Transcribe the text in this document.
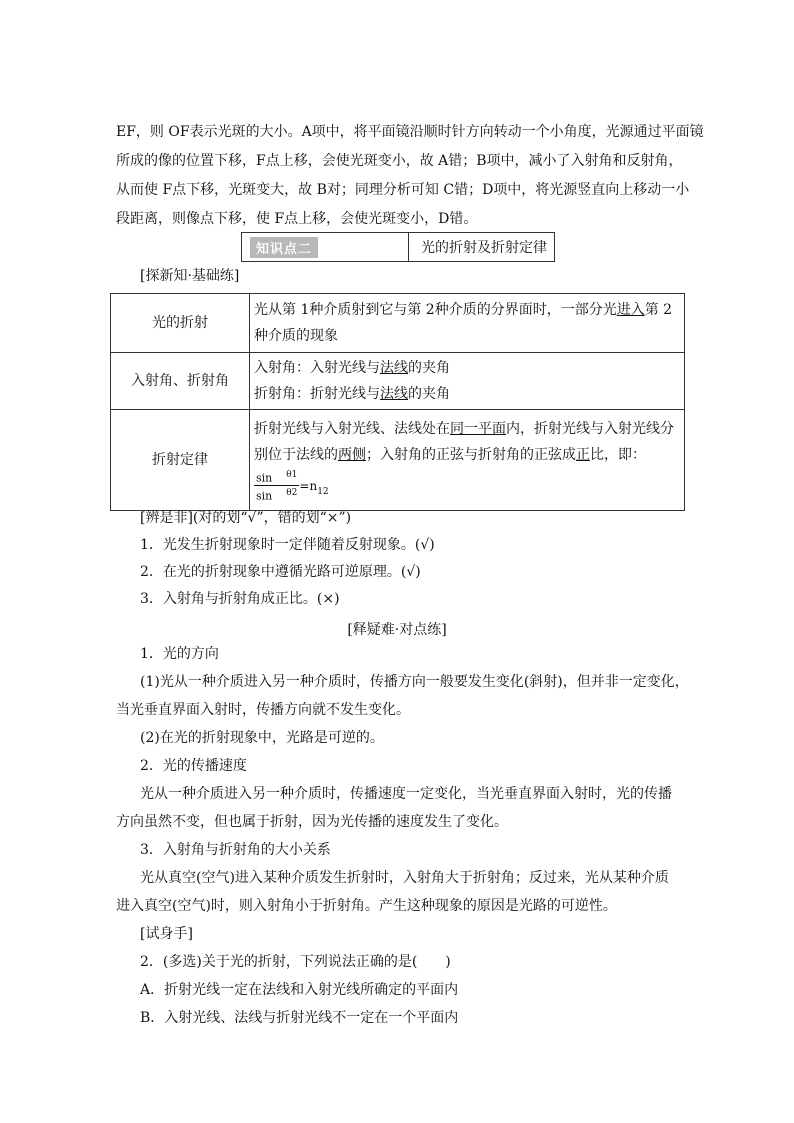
EF，则 OF表示光斑的大小。A项中，将平面镜沿顺时针方向转动一个小角度，光源通过平面镜
所成的像的位置下移，F点上移，会使光斑变小，故 A错；B项中，减小了入射角和反射角，
从而使 F点下移，光斑变大，故 B对；同理分析可知 C错；D项中，将光源竖直向上移动一小
段距离，则像点下移，使 F点上移，会使光斑变小，D错。
知识点二	光的折射及折射定律
[探新知·基础练]
光的折射	光从第 1种介质射到它与第 2种介质的分界面时，一部分光进入第 2
种介质的现象
入射角、折射角	入射角：入射光线与法线的夹角
折射角：折射光线与法线的夹角
折射定律	折射光线与入射光线、法线处在同一平面内，折射光线与入射光线分
别位于法线的两侧；入射角的正弦与折射角的正弦成正比，即：

$\frac{\sin ^{\theta 1}}{\sin ^{\theta 2}} =n_{12}$
[辨是非](对的划“√”，错的划“×”)
1．光发生折射现象时一定伴随着反射现象。(√)
2．在光的折射现象中遵循光路可逆原理。(√)
3．入射角与折射角成正比。(×)
[释疑难·对点练]
1．光的方向
(1)光从一种介质进入另一种介质时，传播方向一般要发生变化(斜射)，但并非一定变化，
当光垂直界面入射时，传播方向就不发生变化。
(2)在光的折射现象中，光路是可逆的。
2．光的传播速度
光从一种介质进入另一种介质时，传播速度一定变化，当光垂直界面入射时，光的传播
方向虽然不变，但也属于折射，因为光传播的速度发生了变化。
3．入射角与折射角的大小关系
光从真空(空气)进入某种介质发生折射时，入射角大于折射角；反过来，光从某种介质
进入真空(空气)时，则入射角小于折射角。产生这种现象的原因是光路的可逆性。
[试身手]
2．(多选)关于光的折射，下列说法正确的是(　　)
A．折射光线一定在法线和入射光线所确定的平面内
B．入射光线、法线与折射光线不一定在一个平面内
